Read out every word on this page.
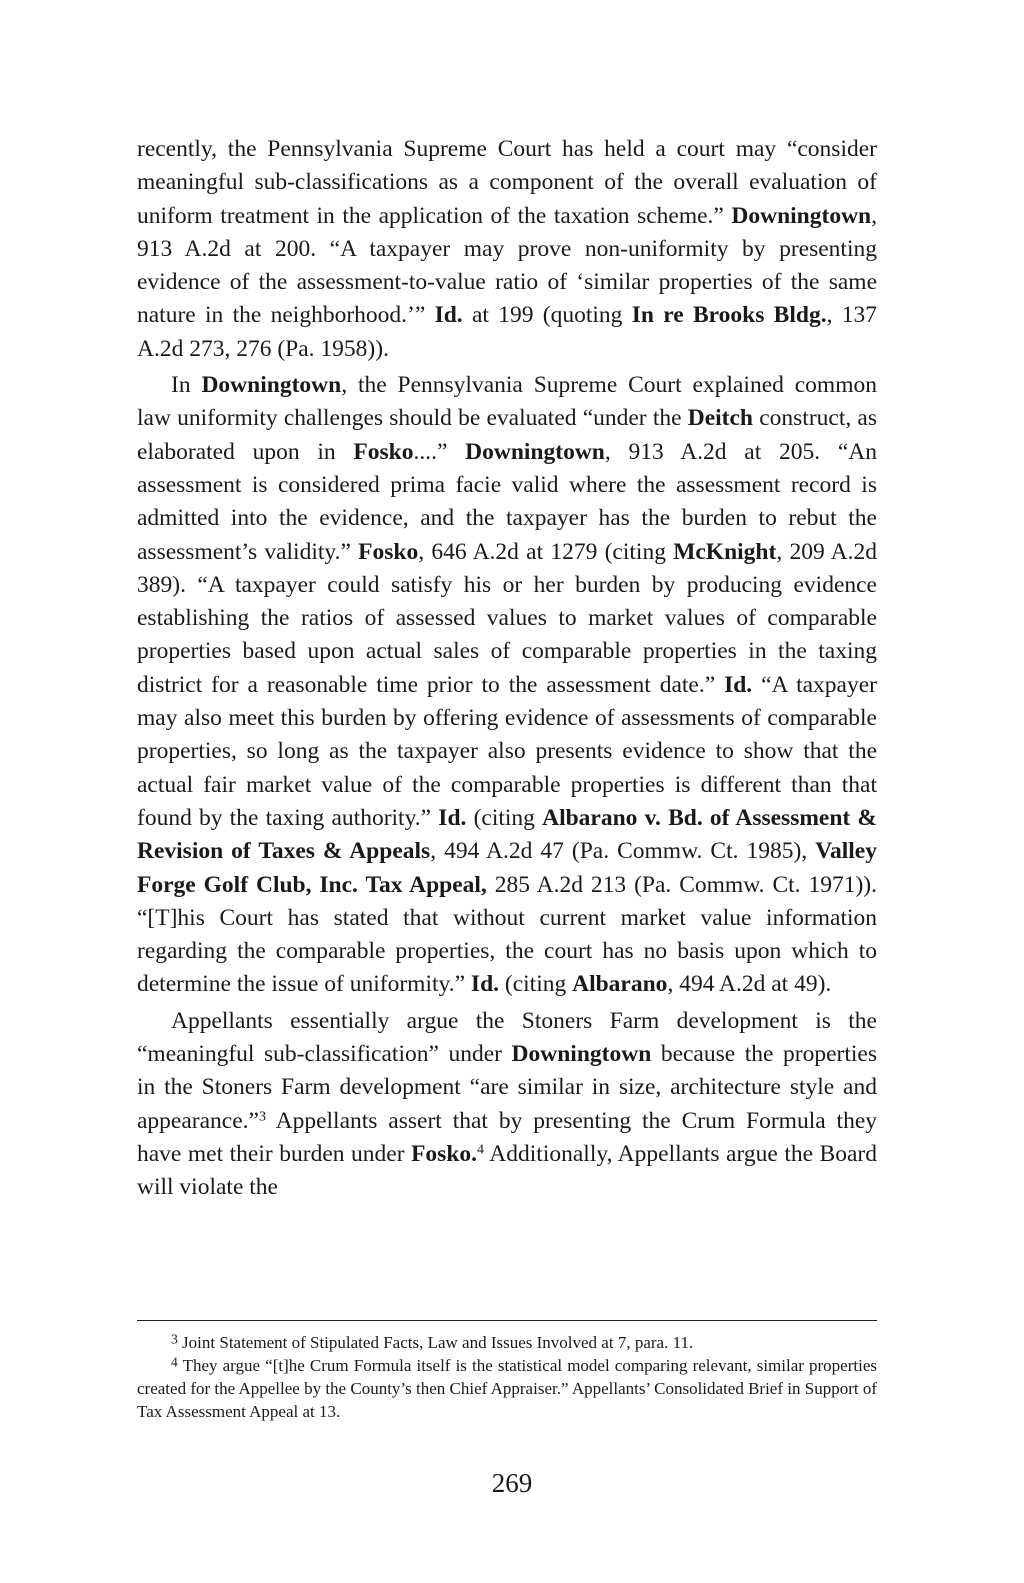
recently, the Pennsylvania Supreme Court has held a court may “consider meaningful sub-classifications as a component of the overall evaluation of uniform treatment in the application of the taxation scheme.” Downingtown, 913 A.2d at 200. “A taxpayer may prove non-uniformity by presenting evidence of the assessment-to-value ratio of ‘similar properties of the same nature in the neighborhood.’” Id. at 199 (quoting In re Brooks Bldg., 137 A.2d 273, 276 (Pa. 1958)).

In Downingtown, the Pennsylvania Supreme Court explained common law uniformity challenges should be evaluated “under the Deitch construct, as elaborated upon in Fosko....” Downingtown, 913 A.2d at 205. “An assessment is considered prima facie valid where the assessment record is admitted into the evidence, and the taxpayer has the burden to rebut the assessment’s validity.” Fosko, 646 A.2d at 1279 (citing McKnight, 209 A.2d 389). “A taxpayer could satisfy his or her burden by producing evidence establishing the ratios of assessed values to market values of comparable properties based upon actual sales of comparable properties in the taxing district for a reasonable time prior to the assessment date.” Id. “A taxpayer may also meet this burden by offering evidence of assessments of comparable properties, so long as the taxpayer also presents evidence to show that the actual fair market value of the comparable properties is different than that found by the taxing authority.” Id. (citing Albarano v. Bd. of Assessment & Revision of Taxes & Appeals, 494 A.2d 47 (Pa. Commw. Ct. 1985), Valley Forge Golf Club, Inc. Tax Appeal, 285 A.2d 213 (Pa. Commw. Ct. 1971)). “[T]his Court has stated that without current market value information regarding the comparable properties, the court has no basis upon which to determine the issue of uniformity.” Id. (citing Albarano, 494 A.2d at 49).

Appellants essentially argue the Stoners Farm development is the “meaningful sub-classification” under Downingtown because the properties in the Stoners Farm development “are similar in size, architecture style and appearance.”$^3$ Appellants assert that by presenting the Crum Formula they have met their burden under Fosko.$^4$ Additionally, Appellants argue the Board will violate the

$^3$ Joint Statement of Stipulated Facts, Law and Issues Involved at 7, para. 11.

$^4$ They argue “[t]he Crum Formula itself is the statistical model comparing relevant, similar properties created for the Appellee by the County’s then Chief Appraiser.” Appellants’ Consolidated Brief in Support of Tax Assessment Appeal at 13.

269
